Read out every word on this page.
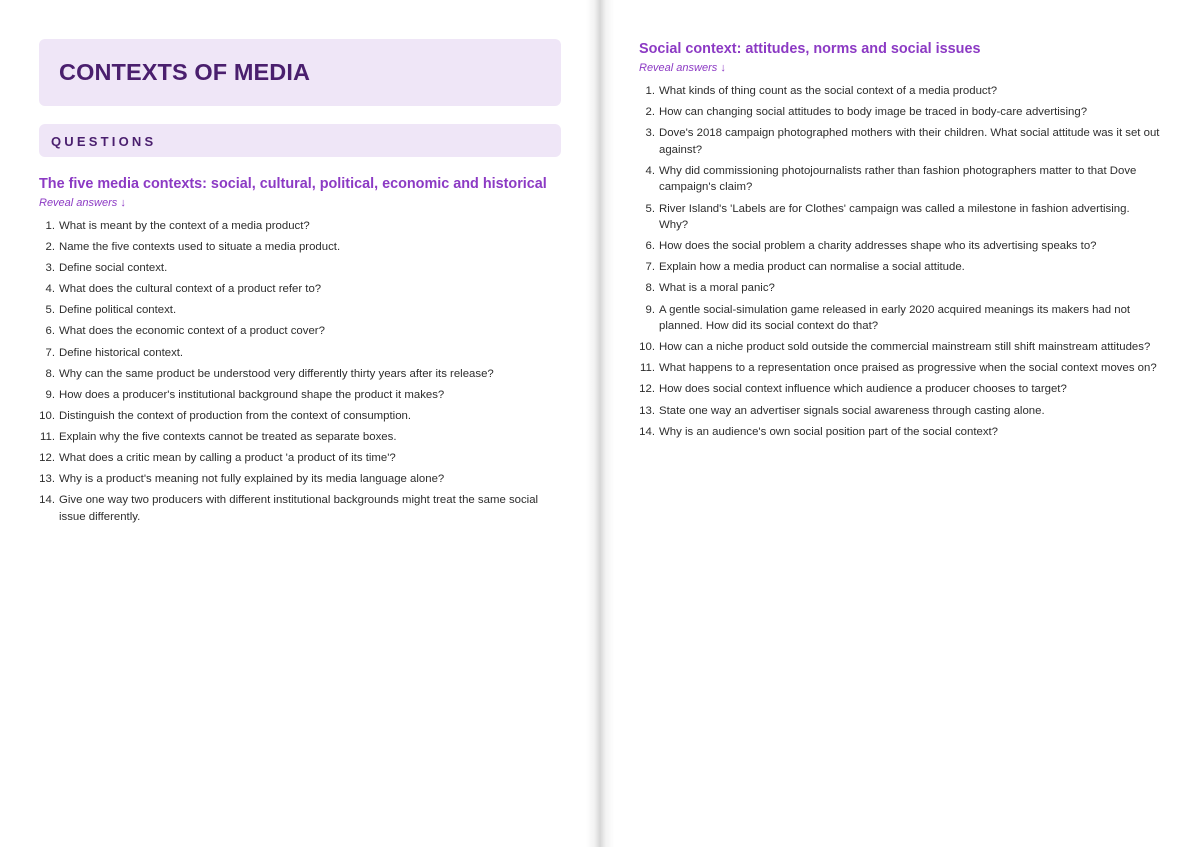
CONTEXTS OF MEDIA
QUESTIONS
The five media contexts: social, cultural, political, economic and historical
Reveal answers ↓
1. What is meant by the context of a media product?
2. Name the five contexts used to situate a media product.
3. Define social context.
4. What does the cultural context of a product refer to?
5. Define political context.
6. What does the economic context of a product cover?
7. Define historical context.
8. Why can the same product be understood very differently thirty years after its release?
9. How does a producer's institutional background shape the product it makes?
10. Distinguish the context of production from the context of consumption.
11. Explain why the five contexts cannot be treated as separate boxes.
12. What does a critic mean by calling a product 'a product of its time'?
13. Why is a product's meaning not fully explained by its media language alone?
14. Give one way two producers with different institutional backgrounds might treat the same social issue differently.
Social context: attitudes, norms and social issues
Reveal answers ↓
1. What kinds of thing count as the social context of a media product?
2. How can changing social attitudes to body image be traced in body-care advertising?
3. Dove's 2018 campaign photographed mothers with their children. What social attitude was it set out against?
4. Why did commissioning photojournalists rather than fashion photographers matter to that Dove campaign's claim?
5. River Island's 'Labels are for Clothes' campaign was called a milestone in fashion advertising. Why?
6. How does the social problem a charity addresses shape who its advertising speaks to?
7. Explain how a media product can normalise a social attitude.
8. What is a moral panic?
9. A gentle social-simulation game released in early 2020 acquired meanings its makers had not planned. How did its social context do that?
10. How can a niche product sold outside the commercial mainstream still shift mainstream attitudes?
11. What happens to a representation once praised as progressive when the social context moves on?
12. How does social context influence which audience a producer chooses to target?
13. State one way an advertiser signals social awareness through casting alone.
14. Why is an audience's own social position part of the social context?
